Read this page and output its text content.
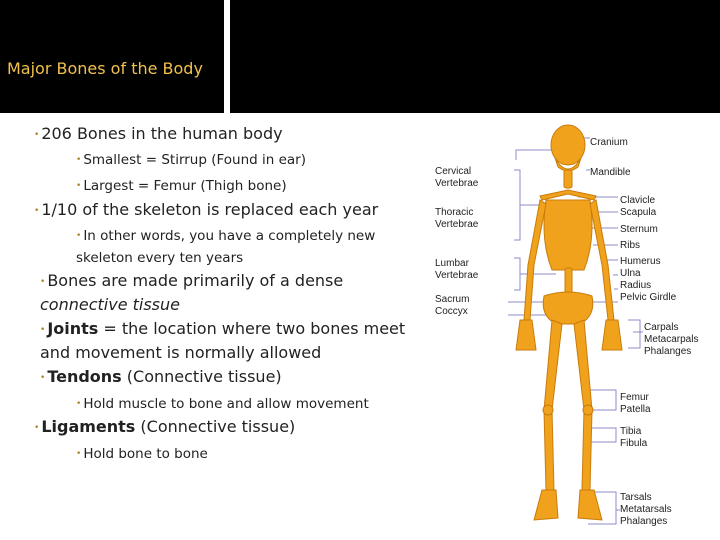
Major Bones of the Body
• 206 Bones in the human body
• Smallest = Stirrup (Found in ear)
• Largest = Femur (Thigh bone)
• 1/10 of the skeleton is replaced each year
• In other words, you have a completely new
skeleton every ten years
• Bones are made primarily of a dense
connective tissue
• Joints = the location where two bones meet
and movement is normally allowed
• Tendons (Connective tissue)
• Hold muscle to bone and allow movement
• Ligaments (Connective tissue)
• Hold bone to bone
Cervical
Vertebrae
Thoracic
Vertebrae
Lumbar
Vertebrae
Sacrum
Coccyx
Cranium
Mandible
Clavicle
Scapula
Sternum
Ribs
Humerus
Ulna
Radius
Pelvic Girdle
Carpals
Metacarpals
Phalanges
Femur
Patella
Tibia
Fibula
Tarsals
Metatarsals
Phalanges
